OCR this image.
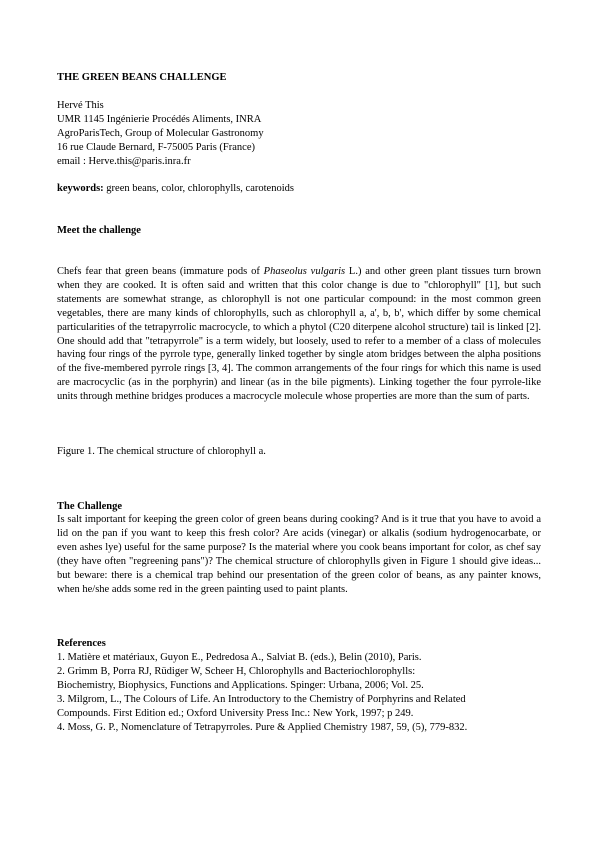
THE GREEN BEANS CHALLENGE
Hervé This
UMR 1145 Ingénierie Procédés Aliments, INRA
AgroParisTech, Group of Molecular Gastronomy
16 rue Claude Bernard, F-75005 Paris (France)
email : Herve.this@paris.inra.fr
keywords: green beans, color, chlorophylls, carotenoids
Meet the challenge
Chefs fear that green beans (immature pods of Phaseolus vulgaris L.) and other green plant tissues turn brown when they are cooked. It is often said and written that this color change is due to "chlorophyll" [1], but such statements are somewhat strange, as chlorophyll is not one particular compound: in the most common green vegetables, there are many kinds of chlorophylls, such as chlorophyll a, a', b, b', which differ by some chemical particularities of the tetrapyrrolic macrocycle, to which a phytol (C20 diterpene alcohol structure) tail is linked [2]. One should add that "tetrapyrrole" is a term widely, but loosely, used to refer to a member of a class of molecules having four rings of the pyrrole type, generally linked together by single atom bridges between the alpha positions of the five-membered pyrrole rings [3, 4]. The common arrangements of the four rings for which this name is used are macrocyclic (as in the porphyrin) and linear (as in the bile pigments). Linking together the four pyrrole-like units through methine bridges produces a macrocycle molecule whose properties are more than the sum of parts.
Figure 1. The chemical structure of chlorophyll a.
The Challenge
Is salt important for keeping the green color of green beans during cooking? And is it true that you have to avoid a lid on the pan if you want to keep this fresh color? Are acids (vinegar) or alkalis (sodium hydrogenocarbate, or even ashes lye) useful for the same purpose? Is the material where you cook beans important for color, as chef say (they have often "regreening pans")? The chemical structure of chlorophylls given in Figure 1 should give ideas... but beware: there is a chemical trap behind our presentation of the green color of beans, as any painter knows, when he/she adds some red in the green painting used to paint plants.
References
1. Matière et matériaux, Guyon E., Pedredosa A., Salviat B. (eds.), Belin (2010), Paris.
2. Grimm B, Porra RJ, Rüdiger W, Scheer H, Chlorophylls and Bacteriochlorophylls:
Biochemistry, Biophysics, Functions and Applications. Spinger: Urbana, 2006; Vol. 25.
3. Milgrom, L., The Colours of Life. An Introductory to the Chemistry of Porphyrins and Related
Compounds. First Edition ed.; Oxford University Press Inc.: New York, 1997; p 249.
4. Moss, G. P., Nomenclature of Tetrapyrroles. Pure & Applied Chemistry 1987, 59, (5), 779-832.
